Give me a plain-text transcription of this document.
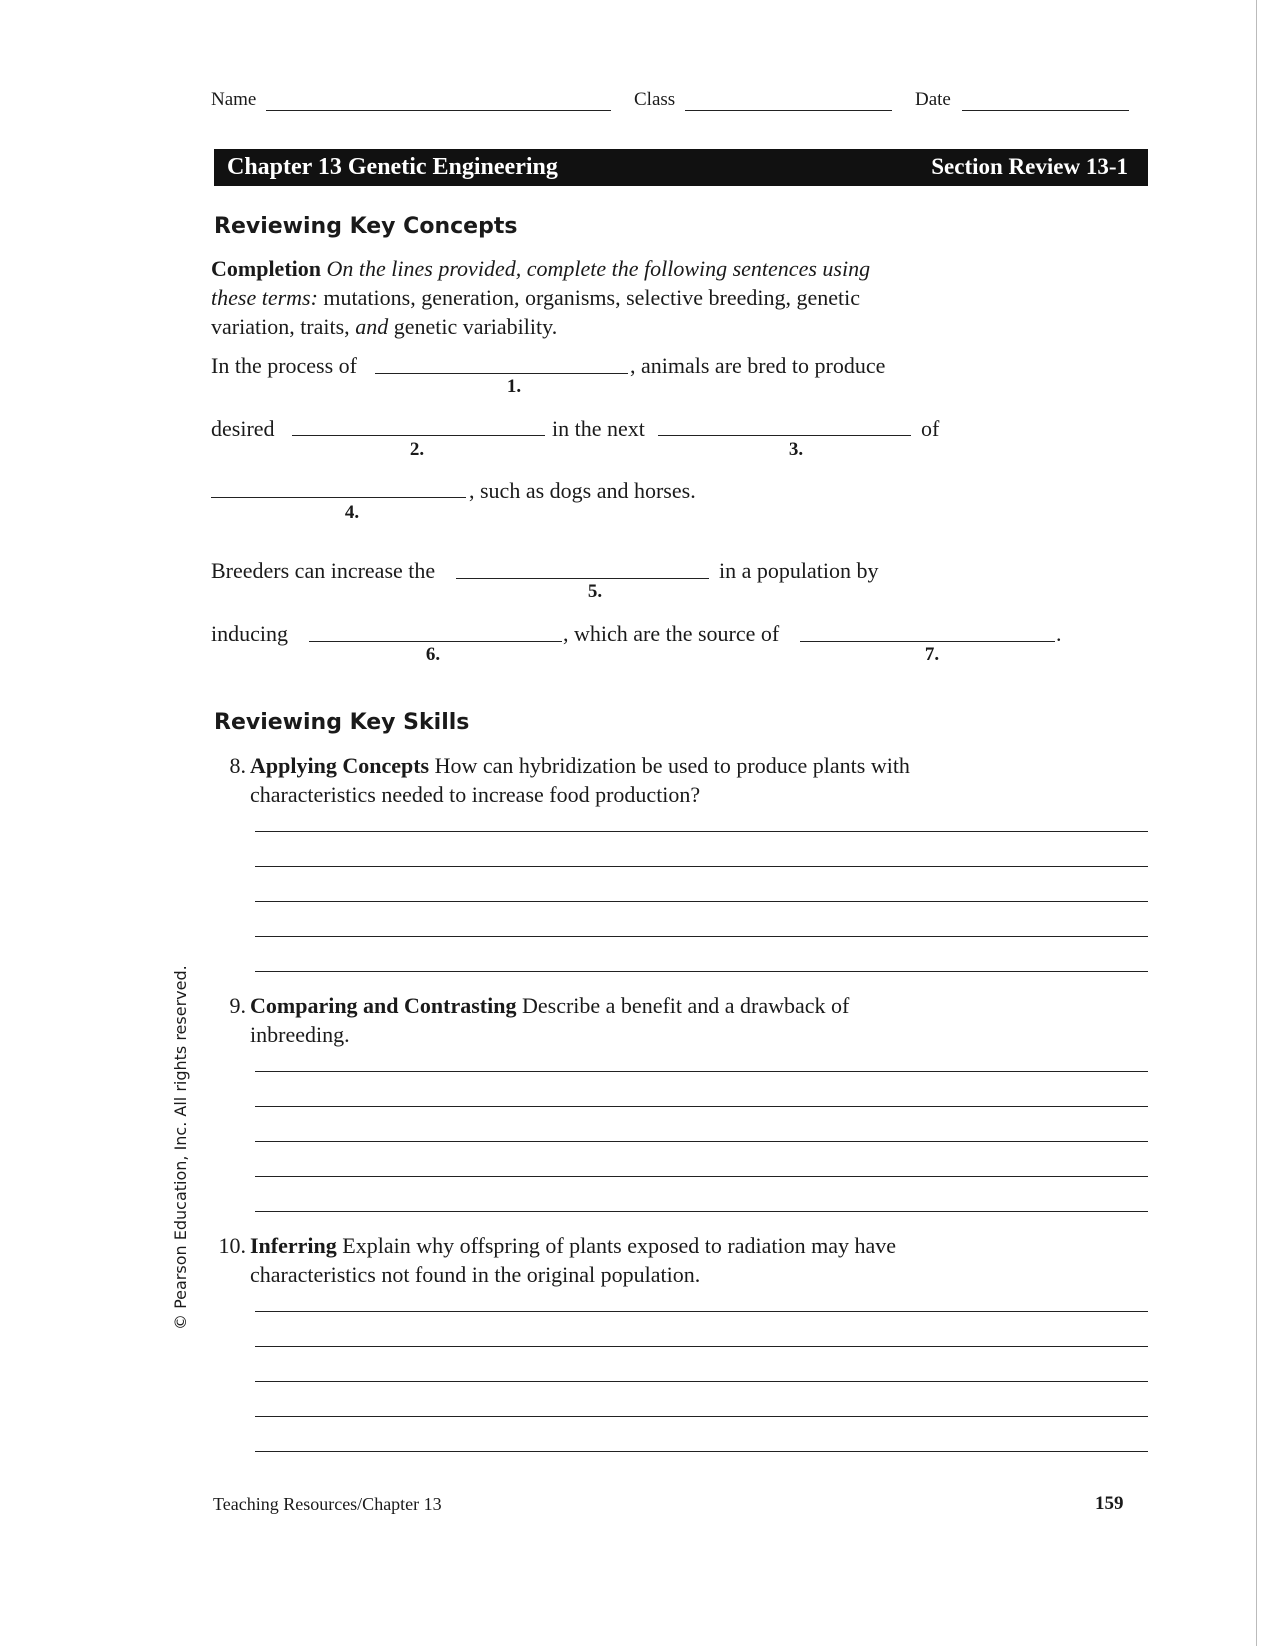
Name	Class	Date
Chapter 13 Genetic Engineering	Section Review 13-1
Reviewing Key Concepts
Completion On the lines provided, complete the following sentences using these terms: mutations, generation, organisms, selective breeding, genetic variation, traits, and genetic variability.
In the process of	, animals are bred to produce
1.
desired	in the next	of
2.	3.
, such as dogs and horses.
4.
Breeders can increase the	in a population by
5.
inducing	, which are the source of	.
6.	7.
Reviewing Key Skills
8. Applying Concepts How can hybridization be used to produce plants with characteristics needed to increase food production?
9. Comparing and Contrasting Describe a benefit and a drawback of inbreeding.
10. Inferring Explain why offspring of plants exposed to radiation may have characteristics not found in the original population.
© Pearson Education, Inc. All rights reserved.
Teaching Resources/Chapter 13	159
